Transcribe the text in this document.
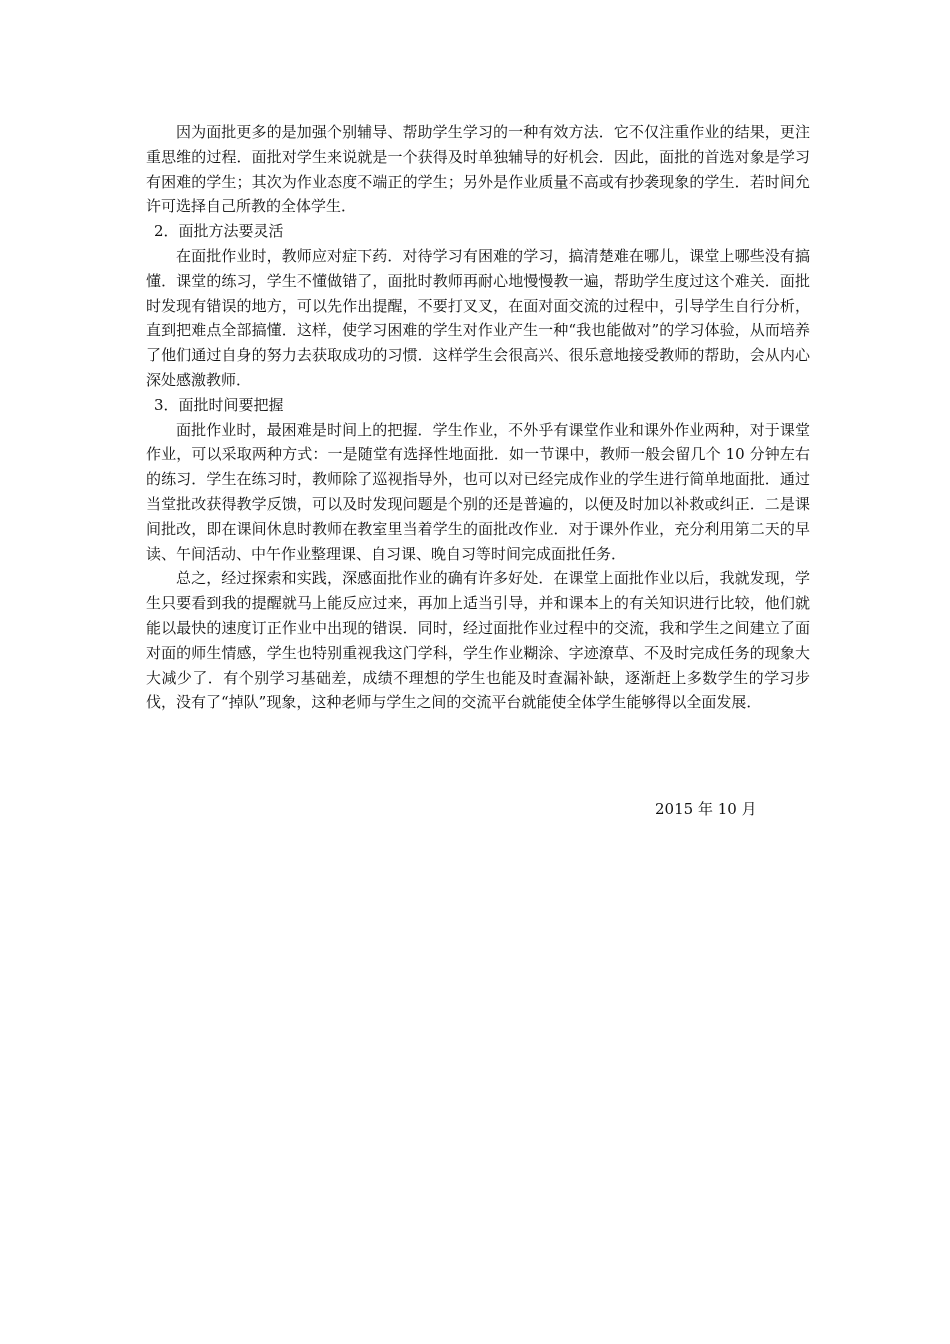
因为面批更多的是加强个别辅导、帮助学生学习的一种有效方法．它不仅注重作业的结果，更注重思维的过程．面批对学生来说就是一个获得及时单独辅导的好机会．因此，面批的首选对象是学习有困难的学生；其次为作业态度不端正的学生；另外是作业质量不高或有抄袭现象的学生．若时间允许可选择自己所教的全体学生．

2．面批方法要灵活

在面批作业时，教师应对症下药．对待学习有困难的学习，搞清楚难在哪儿，课堂上哪些没有搞懂．课堂的练习，学生不懂做错了，面批时教师再耐心地慢慢教一遍，帮助学生度过这个难关．面批时发现有错误的地方，可以先作出提醒，不要打叉叉，在面对面交流的过程中，引导学生自行分析，直到把难点全部搞懂．这样，使学习困难的学生对作业产生一种“我也能做对”的学习体验，从而培养了他们通过自身的努力去获取成功的习惯．这样学生会很高兴、很乐意地接受教师的帮助，会从内心深处感激教师．

3．面批时间要把握

面批作业时，最困难是时间上的把握．学生作业，不外乎有课堂作业和课外作业两种，对于课堂作业，可以采取两种方式：一是随堂有选择性地面批．如一节课中，教师一般会留几个 10 分钟左右的练习．学生在练习时，教师除了巡视指导外，也可以对已经完成作业的学生进行简单地面批．通过当堂批改获得教学反馈，可以及时发现问题是个别的还是普遍的，以便及时加以补救或纠正．二是课间批改，即在课间休息时教师在教室里当着学生的面批改作业．对于课外作业，充分利用第二天的早读、午间活动、中午作业整理课、自习课、晚自习等时间完成面批任务．

总之，经过探索和实践，深感面批作业的确有许多好处．在课堂上面批作业以后，我就发现，学生只要看到我的提醒就马上能反应过来，再加上适当引导，并和课本上的有关知识进行比较，他们就能以最快的速度订正作业中出现的错误．同时，经过面批作业过程中的交流，我和学生之间建立了面对面的师生情感，学生也特别重视我这门学科，学生作业糊涂、字迹潦草、不及时完成任务的现象大大减少了．有个别学习基础差，成绩不理想的学生也能及时查漏补缺，逐渐赶上多数学生的学习步伐，没有了“掉队”现象，这种老师与学生之间的交流平台就能使全体学生能够得以全面发展．

2015 年 10 月
